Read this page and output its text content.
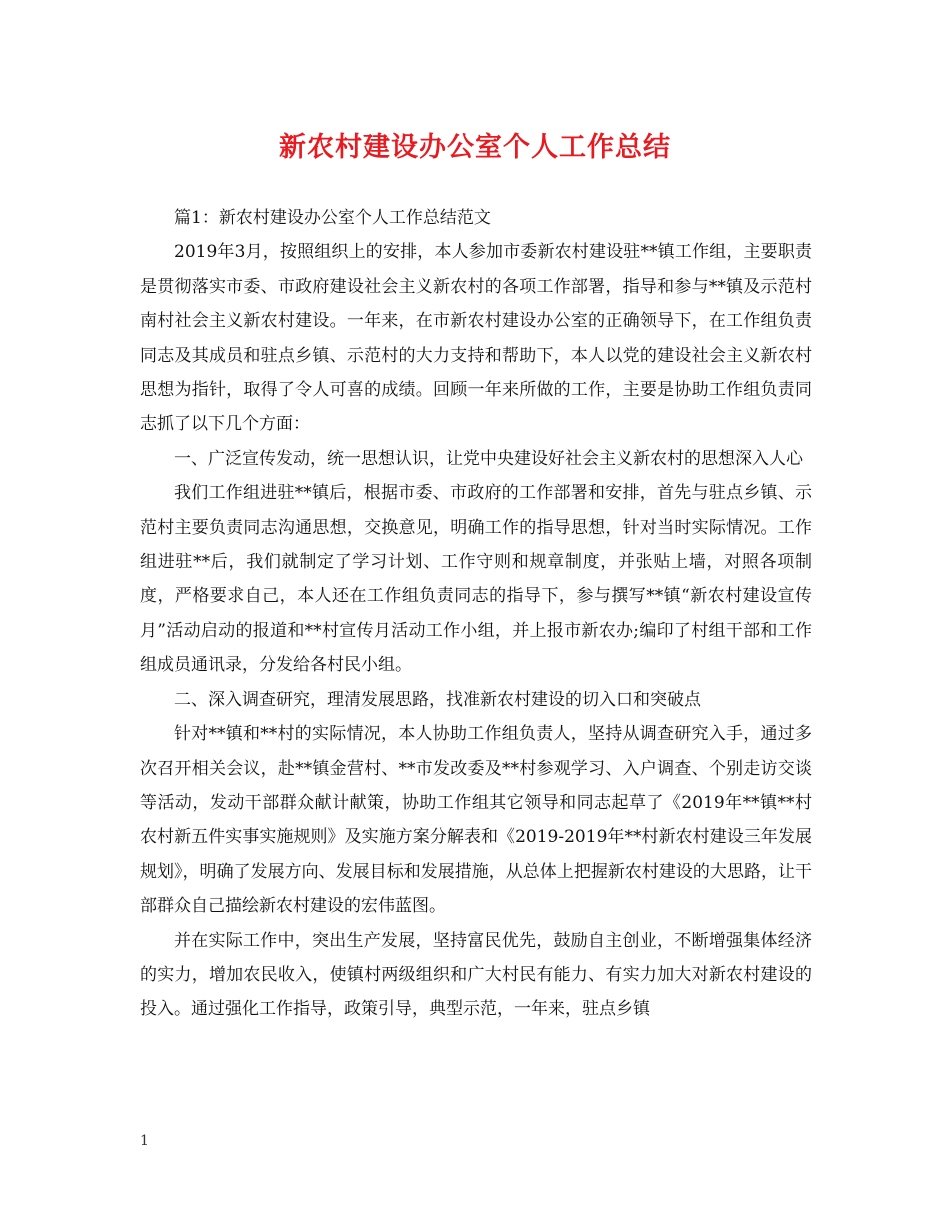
新农村建设办公室个人工作总结

篇1：新农村建设办公室个人工作总结范文

2019年3月，按照组织上的安排，本人参加市委新农村建设驻**镇工作组，主要职责是贯彻落实市委、市政府建设社会主义新农村的各项工作部署，指导和参与**镇及示范村南村社会主义新农村建设。一年来，在市新农村建设办公室的正确领导下，在工作组负责同志及其成员和驻点乡镇、示范村的大力支持和帮助下，本人以党的建设社会主义新农村思想为指针，取得了令人可喜的成绩。回顾一年来所做的工作，主要是协助工作组负责同志抓了以下几个方面：

一、广泛宣传发动，统一思想认识，让党中央建设好社会主义新农村的思想深入人心

我们工作组进驻**镇后，根据市委、市政府的工作部署和安排，首先与驻点乡镇、示范村主要负责同志沟通思想，交换意见，明确工作的指导思想，针对当时实际情况。工作组进驻**后，我们就制定了学习计划、工作守则和规章制度，并张贴上墙，对照各项制度，严格要求自己，本人还在工作组负责同志的指导下，参与撰写**镇“新农村建设宣传月”活动启动的报道和**村宣传月活动工作小组，并上报市新农办;编印了村组干部和工作组成员通讯录，分发给各村民小组。

二、深入调查研究，理清发展思路，找准新农村建设的切入口和突破点

针对**镇和**村的实际情况，本人协助工作组负责人，坚持从调查研究入手，通过多次召开相关会议，赴**镇金营村、**市发改委及**村参观学习、入户调查、个别走访交谈等活动，发动干部群众献计献策，协助工作组其它领导和同志起草了《2019年**镇**村农村新五件实事实施规则》及实施方案分解表和《2019-2019年**村新农村建设三年发展规划》，明确了发展方向、发展目标和发展措施，从总体上把握新农村建设的大思路，让干部群众自己描绘新农村建设的宏伟蓝图。

并在实际工作中，突出生产发展，坚持富民优先，鼓励自主创业，不断增强集体经济的实力，增加农民收入，使镇村两级组织和广大村民有能力、有实力加大对新农村建设的投入。通过强化工作指导，政策引导，典型示范，一年来，驻点乡镇

1
